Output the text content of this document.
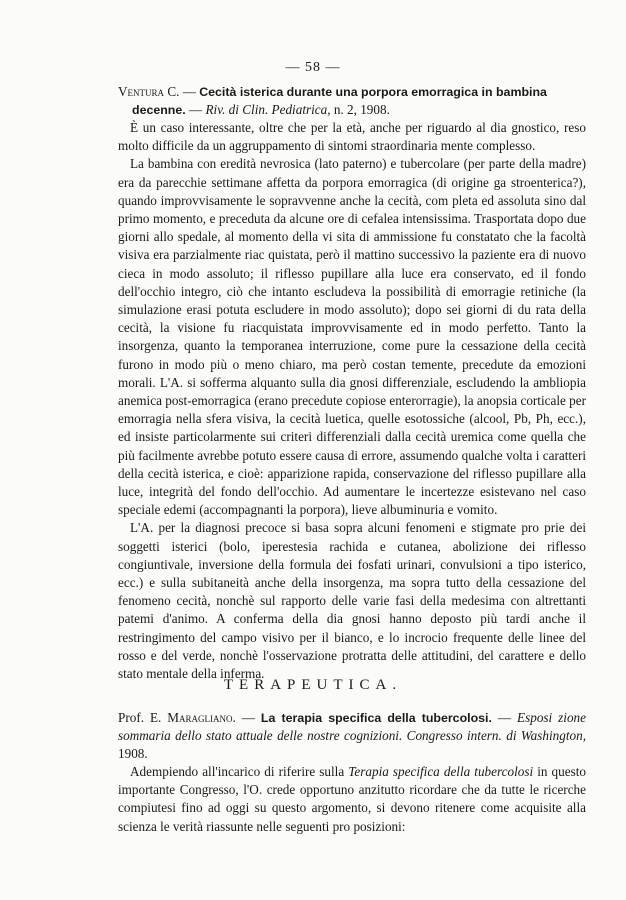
— 58 —
Ventura C. — Cecità isterica durante una porpora emorragica in bambina
decenne. — Riv. di Clin. Pediatrica, n. 2, 1908.

È un caso interessante, oltre che per la età, anche per riguardo al dia gnostico, reso molto difficile da un aggruppamento di sintomi straordinaria mente complesso.

La bambina con eredità nevrosica (lato paterno) e tubercolare (per parte della madre) era da parecchie settimane affetta da porpora emorragica (di origine ga stroenterica?), quando improvvisamente le sopravvenne anche la cecità, com pleta ed assoluta sino dal primo momento, e preceduta da alcune ore di cefalea intensissima. Trasportata dopo due giorni allo spedale, al momento della vi sita di ammissione fu constatato che la facoltà visiva era parzialmente riac quistata, però il mattino successivo la paziente era di nuovo cieca in modo assoluto; il riflesso pupillare alla luce era conservato, ed il fondo dell'occhio integro, ciò che intanto escludeva la possibilità di emorragie retiniche (la simulazione erasi potuta escludere in modo assoluto); dopo sei giorni di du rata della cecità, la visione fu riacquistata improvvisamente ed in modo perfetto. Tanto la insorgenza, quanto la temporanea interruzione, come pure la cessazione della cecità furono in modo più o meno chiaro, ma però costan temente, precedute da emozioni morali. L'A. si sofferma alquanto sulla dia gnosi differenziale, escludendo la ambliopia anemica post-emorragica (erano precedute copiose enterorragie), la anopsia corticale per emorragia nella sfera visiva, la cecità luetica, quelle esotossiche (alcool, Pb, Ph, ecc.), ed insiste particolarmente sui criteri differenziali dalla cecità uremica come quella che più facilmente avrebbe potuto essere causa di errore, assumendo qualche volta i caratteri della cecità isterica, e cioè: apparizione rapida, conservazione del riflesso pupillare alla luce, integrità del fondo dell'occhio. Ad aumentare le incertezze esistevano nel caso speciale edemi (accompagnanti la porpora), lieve albuminuria e vomito.

L'A. per la diagnosi precoce si basa sopra alcuni fenomeni e stigmate pro prie dei soggetti isterici (bolo, iperestesia rachida e cutanea, abolizione dei riflesso congiuntivale, inversione della formula dei fosfati urinari, convulsioni a tipo isterico, ecc.) e sulla subitaneità anche della insorgenza, ma sopra tutto della cessazione del fenomeno cecità, nonchè sul rapporto delle varie fasi della medesima con altrettanti patemi d'animo. A conferma della dia gnosi hanno deposto più tardi anche il restringimento del campo visivo per il bianco, e lo incrocio frequente delle linee del rosso e del verde, nonchè l'osservazione protratta delle attitudini, del carattere e dello stato mentale della inferma.

TERAPEUTICA.
Prof. E. Maragliano. — La terapia specifica della tubercolosi. — Esposi zione sommaria dello stato attuale delle nostre cognizioni. Congresso intern. di Washington, 1908.

Adempiendo all'incarico di riferire sulla Terapia specifica della tubercolosi in questo importante Congresso, l'O. crede opportuno anzitutto ricordare che da tutte le ricerche compiutesi fino ad oggi su questo argomento, si devono ritenere come acquisite alla scienza le verità riassunte nelle seguenti pro posizioni:
